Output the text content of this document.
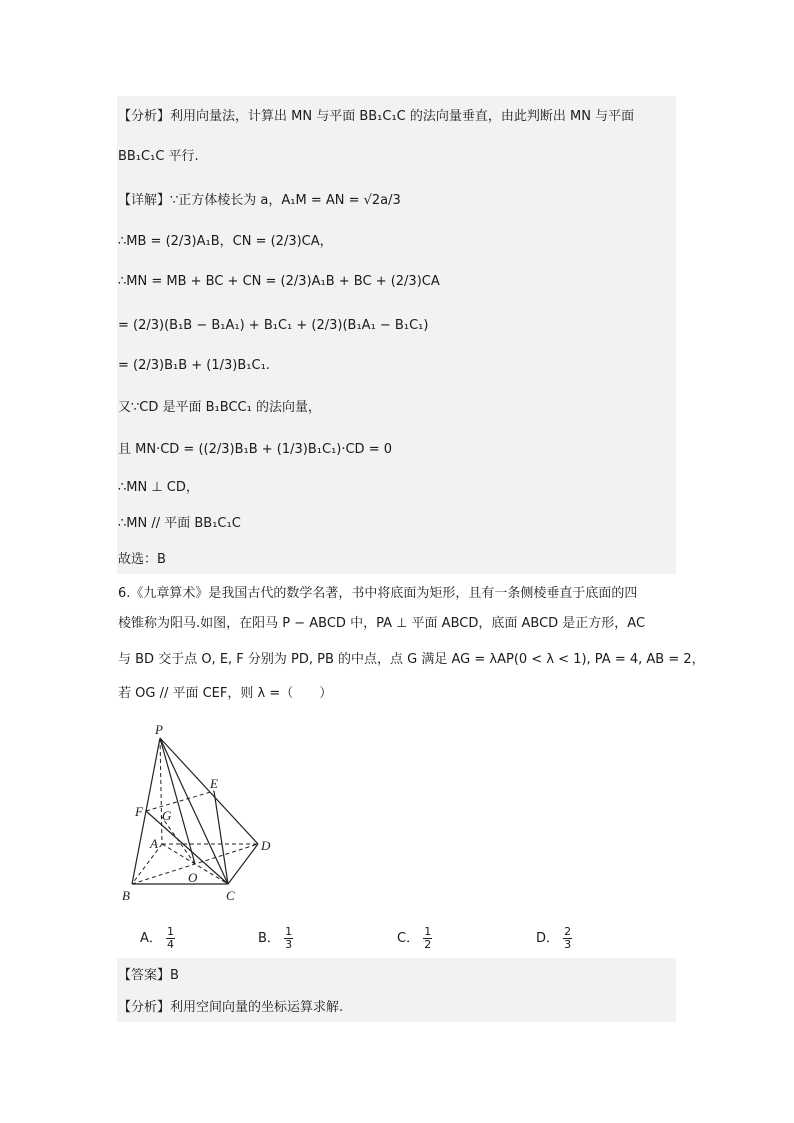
【分析】利用向量法，计算出 MN 与平面 BB₁C₁C 的法向量垂直，由此判断出 MN 与平面
BB₁C₁C 平行.
【详解】∵正方体棱长为 a，A₁M = AN = √2a/3
∴MB = (2/3)A₁B，CN = (2/3)CA，
∴MN = MB + BC + CN = (2/3)A₁B + BC + (2/3)CA
= (2/3)(B₁B − B₁A₁) + B₁C₁ + (2/3)(B₁A₁ − B₁C₁)
= (2/3)B₁B + (1/3)B₁C₁.
又∵CD 是平面 B₁BCC₁ 的法向量，
且 MN·CD = ((2/3)B₁B + (1/3)B₁C₁)·CD = 0
∴MN ⊥ CD，
∴MN // 平面 BB₁C₁C
故选：B
6.《九章算术》是我国古代的数学名著，书中将底面为矩形，且有一条侧棱垂直于底面的四
棱锥称为阳马.如图，在阳马 P − ABCD 中，PA ⊥ 平面 ABCD，底面 ABCD 是正方形，AC
与 BD 交于点 O, E, F 分别为 PD, PB 的中点，点 G 满足 AG = λAP(0 < λ < 1), PA = 4, AB = 2，
若 OG // 平面 CEF，则 λ =（　　）
P
E
F G
A	D
O
B	C
A． $\frac{1}{4}$	B． $\frac{1}{3}$	C． $\frac{1}{2}$	D． $\frac{2}{3}$
【答案】B
【分析】利用空间向量的坐标运算求解.
